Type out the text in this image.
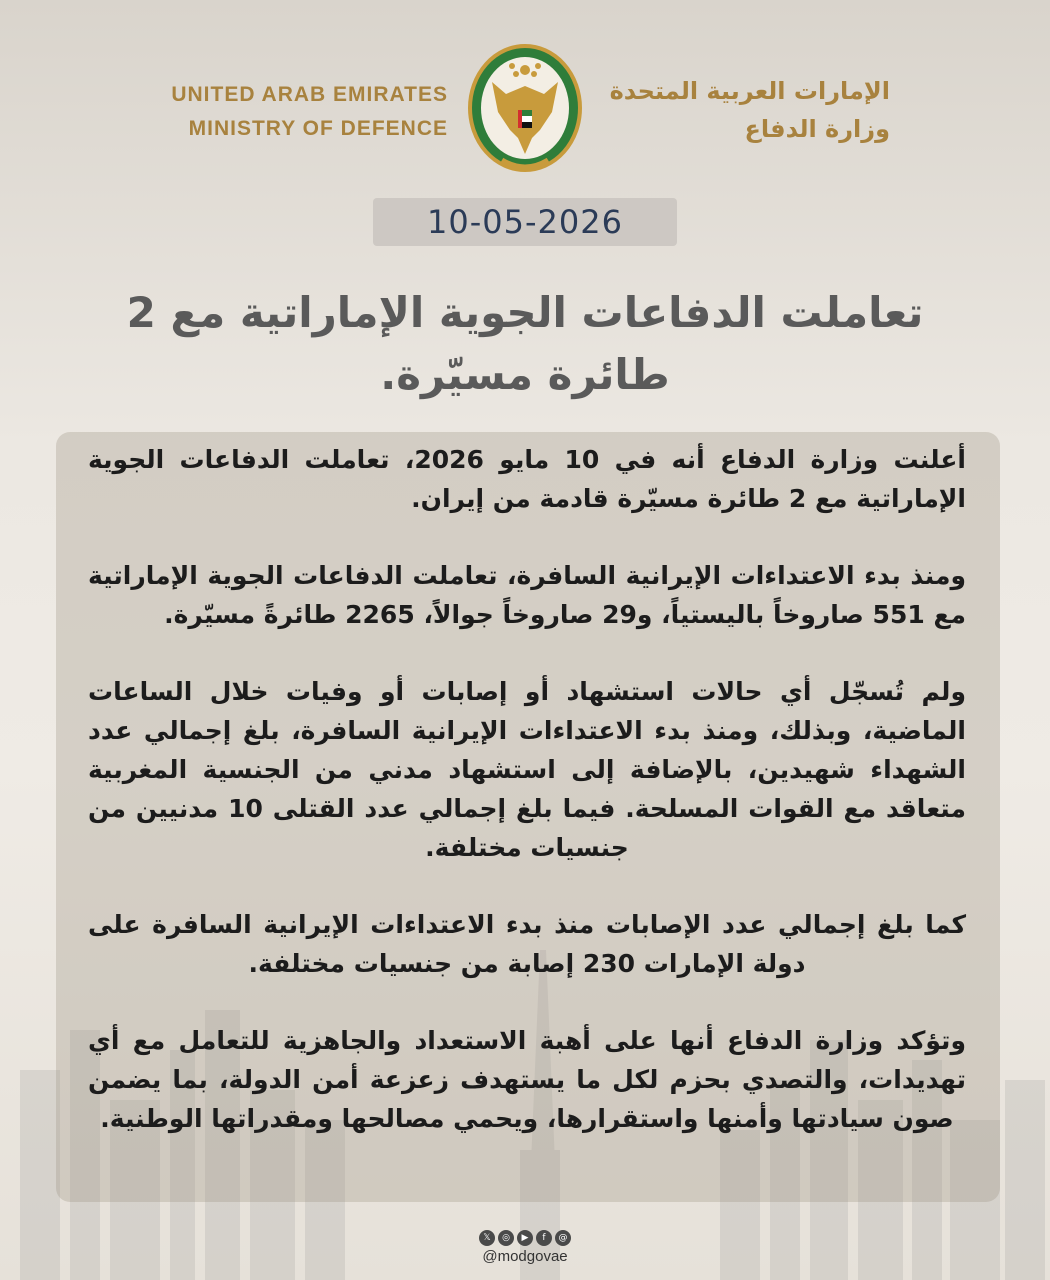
UNITED ARAB EMIRATES
MINISTRY OF DEFENCE
الإمارات العربية المتحدة
وزارة الدفاع
10-05-2026
تعاملت الدفاعات الجوية الإماراتية مع 2 طائرة مسيّرة.

أعلنت وزارة الدفاع أنه في 10 مايو 2026، تعاملت الدفاعات الجوية الإماراتية مع 2 طائرة مسيّرة قادمة من إيران.

ومنذ بدء الاعتداءات الإيرانية السافرة، تعاملت الدفاعات الجوية الإماراتية مع 551 صاروخاً باليستياً، و29 صاروخاً جوالاً، 2265 طائرةً مسيّرة.

ولم تُسجّل أي حالات استشهاد أو إصابات أو وفيات خلال الساعات الماضية، وبذلك، ومنذ بدء الاعتداءات الإيرانية السافرة، بلغ إجمالي عدد الشهداء شهيدين، بالإضافة إلى استشهاد مدني من الجنسية المغربية متعاقد مع القوات المسلحة. فيما بلغ إجمالي عدد القتلى 10 مدنيين من جنسيات مختلفة.

كما بلغ إجمالي عدد الإصابات منذ بدء الاعتداءات الإيرانية السافرة على دولة الإمارات 230 إصابة من جنسيات مختلفة.

وتؤكد وزارة الدفاع أنها على أهبة الاستعداد والجاهزية للتعامل مع أي تهديدات، والتصدي بحزم لكل ما يستهدف زعزعة أمن الدولة، بما يضمن صون سيادتها وأمنها واستقرارها، ويحمي مصالحها ومقدراتها الوطنية.

𝕏	◎	▶	f	@
@modgovae
